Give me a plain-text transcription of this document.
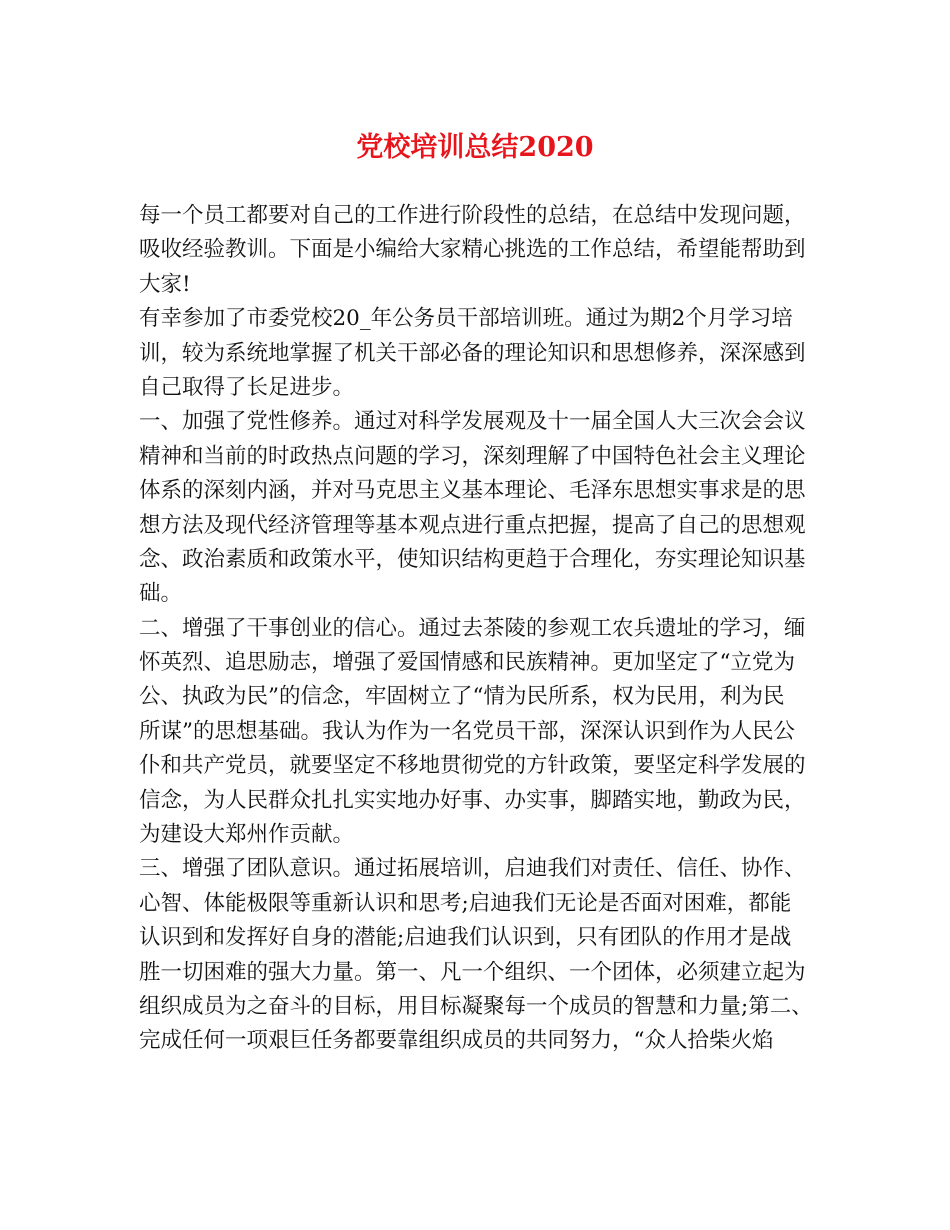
党校培训总结2020
每一个员工都要对自己的工作进行阶段性的总结，在总结中发现问题，
吸收经验教训。下面是小编给大家精心挑选的工作总结，希望能帮助到
大家!
有幸参加了市委党校20_年公务员干部培训班。通过为期2个月学习培
训，较为系统地掌握了机关干部必备的理论知识和思想修养，深深感到
自己取得了长足进步。
一、加强了党性修养。通过对科学发展观及十一届全国人大三次会会议
精神和当前的时政热点问题的学习，深刻理解了中国特色社会主义理论
体系的深刻内涵，并对马克思主义基本理论、毛泽东思想实事求是的思
想方法及现代经济管理等基本观点进行重点把握，提高了自己的思想观
念、政治素质和政策水平，使知识结构更趋于合理化，夯实理论知识基
础。
二、增强了干事创业的信心。通过去茶陵的参观工农兵遗址的学习，缅
怀英烈、追思励志，增强了爱国情感和民族精神。更加坚定了“立党为
公、执政为民”的信念，牢固树立了“情为民所系，权为民用，利为民
所谋”的思想基础。我认为作为一名党员干部，深深认识到作为人民公
仆和共产党员，就要坚定不移地贯彻党的方针政策，要坚定科学发展的
信念，为人民群众扎扎实实地办好事、办实事，脚踏实地，勤政为民，
为建设大郑州作贡献。
三、增强了团队意识。通过拓展培训，启迪我们对责任、信任、协作、
心智、体能极限等重新认识和思考;启迪我们无论是否面对困难，都能
认识到和发挥好自身的潜能;启迪我们认识到，只有团队的作用才是战
胜一切困难的强大力量。第一、凡一个组织、一个团体，必须建立起为
组织成员为之奋斗的目标，用目标凝聚每一个成员的智慧和力量;第二、
完成任何一项艰巨任务都要靠组织成员的共同努力，“众人拾柴火焰
